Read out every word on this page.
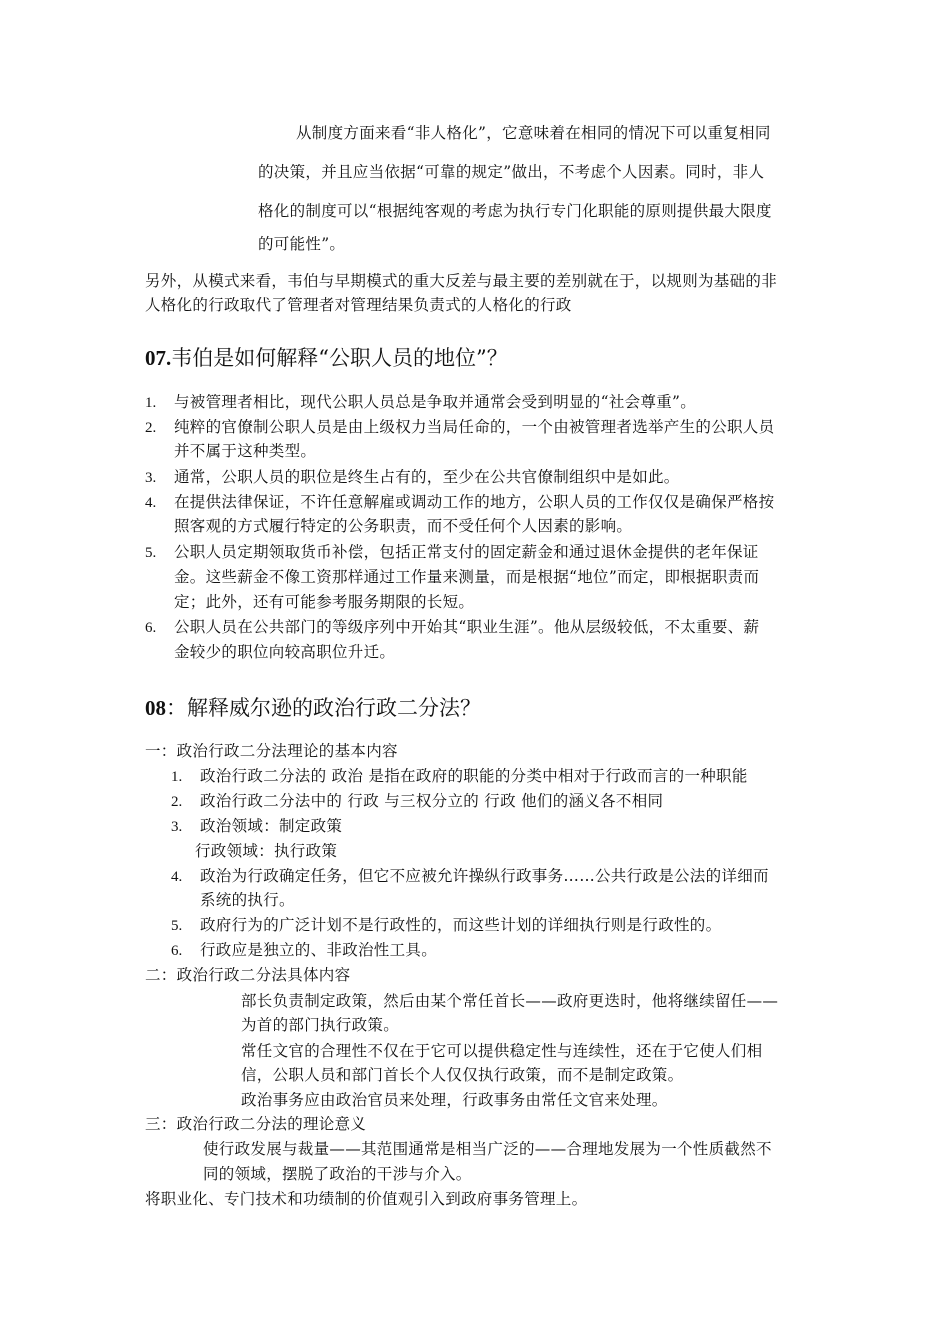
从制度方面来看“非人格化”，它意味着在相同的情况下可以重复相同
的决策，并且应当依据“可靠的规定”做出，不考虑个人因素。同时，非人
格化的制度可以“根据纯客观的考虑为执行专门化职能的原则提供最大限度
的可能性”。
另外，从模式来看，韦伯与早期模式的重大反差与最主要的差别就在于，以规则为基础的非
人格化的行政取代了管理者对管理结果负责式的人格化的行政
07.韦伯是如何解释“公职人员的地位”？
1. 与被管理者相比，现代公职人员总是争取并通常会受到明显的“社会尊重”。
2. 纯粹的官僚制公职人员是由上级权力当局任命的，一个由被管理者选举产生的公职人员
并不属于这种类型。
3. 通常，公职人员的职位是终生占有的，至少在公共官僚制组织中是如此。
4. 在提供法律保证，不许任意解雇或调动工作的地方，公职人员的工作仅仅是确保严格按
照客观的方式履行特定的公务职责，而不受任何个人因素的影响。
5. 公职人员定期领取货币补偿，包括正常支付的固定薪金和通过退休金提供的老年保证
金。这些薪金不像工资那样通过工作量来测量，而是根据“地位”而定，即根据职责而
定；此外，还有可能参考服务期限的长短。
6. 公职人员在公共部门的等级序列中开始其“职业生涯”。他从层级较低，不太重要、薪
金较少的职位向较高职位升迁。
08：解释威尔逊的政治行政二分法？
一：政治行政二分法理论的基本内容
1. 政治行政二分法的 政治 是指在政府的职能的分类中相对于行政而言的一种职能
2. 政治行政二分法中的 行政 与三权分立的 行政 他们的涵义各不相同
3. 政治领域：制定政策
行政领域：执行政策
4. 政治为行政确定任务，但它不应被允许操纵行政事务……公共行政是公法的详细而
系统的执行。
5. 政府行为的广泛计划不是行政性的，而这些计划的详细执行则是行政性的。
6. 行政应是独立的、非政治性工具。
二：政治行政二分法具体内容
部长负责制定政策，然后由某个常任首长——政府更迭时，他将继续留任——
为首的部门执行政策。
常任文官的合理性不仅在于它可以提供稳定性与连续性，还在于它使人们相
信，公职人员和部门首长个人仅仅执行政策，而不是制定政策。
政治事务应由政治官员来处理，行政事务由常任文官来处理。
三：政治行政二分法的理论意义
使行政发展与裁量——其范围通常是相当广泛的——合理地发展为一个性质截然不
同的领域，摆脱了政治的干涉与介入。
将职业化、专门技术和功绩制的价值观引入到政府事务管理上。
